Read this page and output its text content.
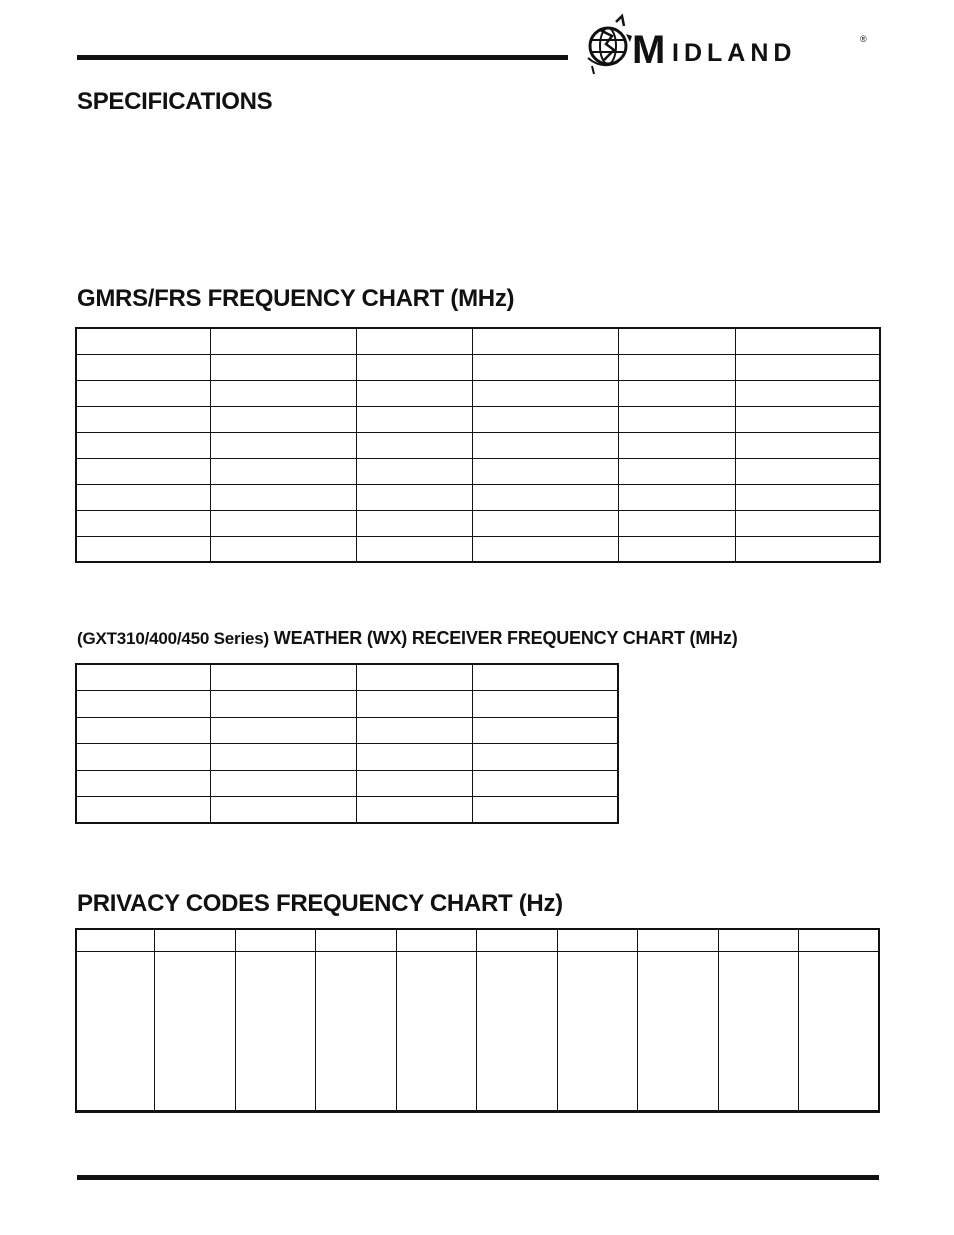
M IDLAND	®
SPECIFICATIONS
GMRS/FRS FREQUENCY CHART (MHz)

(GXT310/400/450 Series) WEATHER (WX) RECEIVER FREQUENCY CHART (MHz)

PRIVACY CODES FREQUENCY CHART (Hz)
